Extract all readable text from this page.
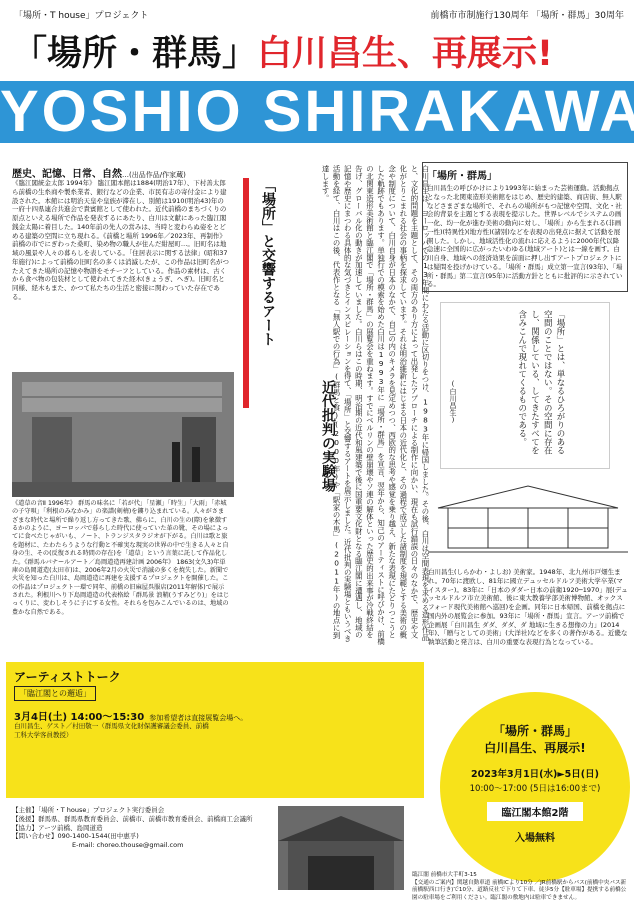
「場所・T house」プロジェクト	前橋市市制施行130周年 「場所・群馬」30周年
「場所・群馬」白川昌生、再展示!
YOSHIO SHIRAKAWA
歴史、記憶、日常、自然…(出品作品/作家蔵)
《臨江閣統金太郎 1994年》 臨江閣本館は1884(明治17年）、下村善太郎ら前橋の生糸商や製糸業者、銀行などの企業、市民有志の寄付金により建設された。本館には明治天皇や皇族が滞在し、別館は1910(明治43)年の一府十四県連合共進会で貴賓館として使われた。近代前橋のまちづくりの原点といえる場所で作品を発表するにあたり、白川は文献にあった臨江閣銭金太陽に着目した。140年前の先人の営みは、当時と変わらぬ姿をとどめる建築の空間に立ち現れる。《前橋と場所 1996年／2023年、再制作》 前橋の市でにぎわった桑町、染め物の職人が住んだ紺屋町…。旧町名は地域の風景や人々の暮らしを表している。「住居表示に関する法律」(昭和37年施行)によって前橋の旧町名の多くは消滅したが、この作品は旧町名がつたえてきた場所の記憶や物語をモチーフとしている。作品の素材は、古くから食べ物の包装材として使われてきた経木(きょうぎ、へぎ)。旧町名と同様、経木もまた、かつて私たちの生活と密接に関わっていた存在である。
《道草の音Ⅱ 1996年》 群馬の味名に「若が代」「星瀬」「時生」「大雨」「赤城の子守唄」「利根のみなかみ」の楽譜(剣楕)を鏤り込まれている。人々がさまざまな時代と場所で繰り返し方ってきた歌、佛らに、白川の生の(際)を象徴するかのように、ヨーロッパで暮らした時代に使っていた革の靴、その場によってに食べたじゃがいも、ノート、トランジスタラジオが下がる。白川は歌と旅を題材に、たわたらうような行動と不確実な現実の世界の中で生きる人々と自身の生、その(反復される時間の存在)を「道草」という言葉に託して作品化した。《群馬ルバナールアート／島岡道造再建計画 2006年》 1863(文久3)年単庫の島岡道造(太田市)は、2006年2月の火災で消滅の多くを焼失した。新聞で火災を知った白川は、島岡道造に再建を支援するプロジェクトを開催した。この作品はプロジェクト一環で同年、前橋の旧麻屋呉服店(2011年解体)で展示された。利根川へり下島岡道造の代表格絵「群馬景 浪鞘(うすみどり)」をはじっくりに、変わしそうに子にする女性。それらを包みこんでいるのは、地域の豊かな自然である。
アーティストトーク
「臨江閣との邂逅」
3月4日(土) 14:00～15:30 参加希望者は直接展覧会場へ。
白川昌生、ゲスト／村田敬一（群馬県文化財保護審議会委員、前橋工科大学客員教授）
【主催】「場所・T house」プロジェクト実行委員会
【後援】群馬県、群馬県教育委員会、前橋市、前橋市教育委員会、前橋商工会議所
【協力】アーツ前橋、島岡道造
【問い合わせ】090-1400-1544(田中惠孚)
E-mail: choreo.thouse@gmail.com
「場所」と交響するアート
近代批判の実験場	白川昌生は、ヨーロッパでの13年間にわたる活動に区切りをつけ、1983年に帰国しました。その後、白川は空間表現を求める造形作品と、文化的問題を主題として、その両方のあり方によって出発したアプローチによる制作に向かい、現在も試行錯誤の日々のなかで、歴史や文化がとりこまれる社会の事柄を探求しています。それは明治維新にはじまる日本の近代化と、その過程で成立した諸制度を規範とする美術の概念や制度について、白川自身が日本のなかで、自己の内のキメラを見定めつつ、西欧的な思考や感覚を乗り越え、新たな表現にたどりつこうとした軌跡でもあります。単独行での模索を始めた白川は1993年に「場所・群馬」を宣言、翌年から、知己のアーティストに呼びかけ、前橋の北関東造形美術館と臨江閣で「場所・群馬」の展覧会を重ねます。すでにベルリンの壁崩壊やソ連の解体といった歴史的出来事が冷戦終結を告げ、グローバル化の動きが加速していました。白川らはこの時期、明治期の近代和風建築で後に国重要文化財となる臨江閣に遭遇し、地域の記憶や歴史にまつわる具体的な気づきとインスピレーションを得て、「場所」と交響するアートを展示しました。近代批判の実験場ともいうべき活動を経て、白川はこの後、代表作となる「無人駅での行為」(群馬と食)(2000年)や「駅家の木馬」(2011年)の地点に到達します。	「場所・群馬」
白川昌生の呼びかけにより1993年に始まった芸術運動。活動拠点となった北関東造形美術館をはじめ、歴史的建築、商店街、無人駅などさまざまな場所で、それらの場所がもつ記憶や空間、文化・社会的背景を主題とする表現を提示した。世界レベルでシステムの画一化、均一化が進む美術の動向に対し、「場所」から生まれる(非画一性)(特異性)(地方性)(諸別)などを表現の出発点に据えて活動を展開した。しかし、地域活性化の流れに応えるように2000年代以降急速に全国的に広がったいわゆる(地域アート)とは一線を画す。白川自身、地域への経済効果を前面に押し出すアートプロジェクトには疑問を投げかけている。「場所・群馬」成立第一宣言(93年)、「場所・群馬」第二宣言(95年)に活動方針とともに批評的に示されている。
「場所」とは、単なるひろがりのある空間のことではない。その空間に存在し、関係している、してきたすべてを含みこんで現れてくるものである。
(白川昌生)
白川昌生(しらかわ・よしお) 美術家。1948年、北九州市戸畑生まれ。70年に渡欧し、81年に國立デュッセルドルフ美術大学卒業(マイスター)。83年に「日本のダダー日本の前衛1920─1970」展(デュッセルドルフ市立美術館、後に東大教養学部美術博物館、オックスフォード現代美術館へ巡回)を企画。同年に日本帰国、前橋を拠点に国内外の展覧会に参加。93年に「場所・群馬」宣言。アーツ前橋で企画展「白川昌生 ダダ、ダダ、ダ 地域に生きる想像の力」(2014年)、「贈与としての美術」(大洋社)などを多くの著作がある。近畿な執筆活動と発言は、白川の重要な表現行為となっている。
「場所・群馬」
白川昌生、再展示!
2023年3月1日(水)►5日(日)
10:00～17:00 (5日は16:00まで)
臨江閣本館2階
入場無料
臨江閣 前橋市大手町3-15
【交通のご案内】関越自動車道 前橋ICより10分 ／JR前橋駅からバス(前橋中央バス新前橋駅西口行き)で10分、道路反社で下りて下車、徒歩5分【駐車場】提携する前橋公園の駐車場をご利用ください。臨江閣の敷地内は駐車できません。
